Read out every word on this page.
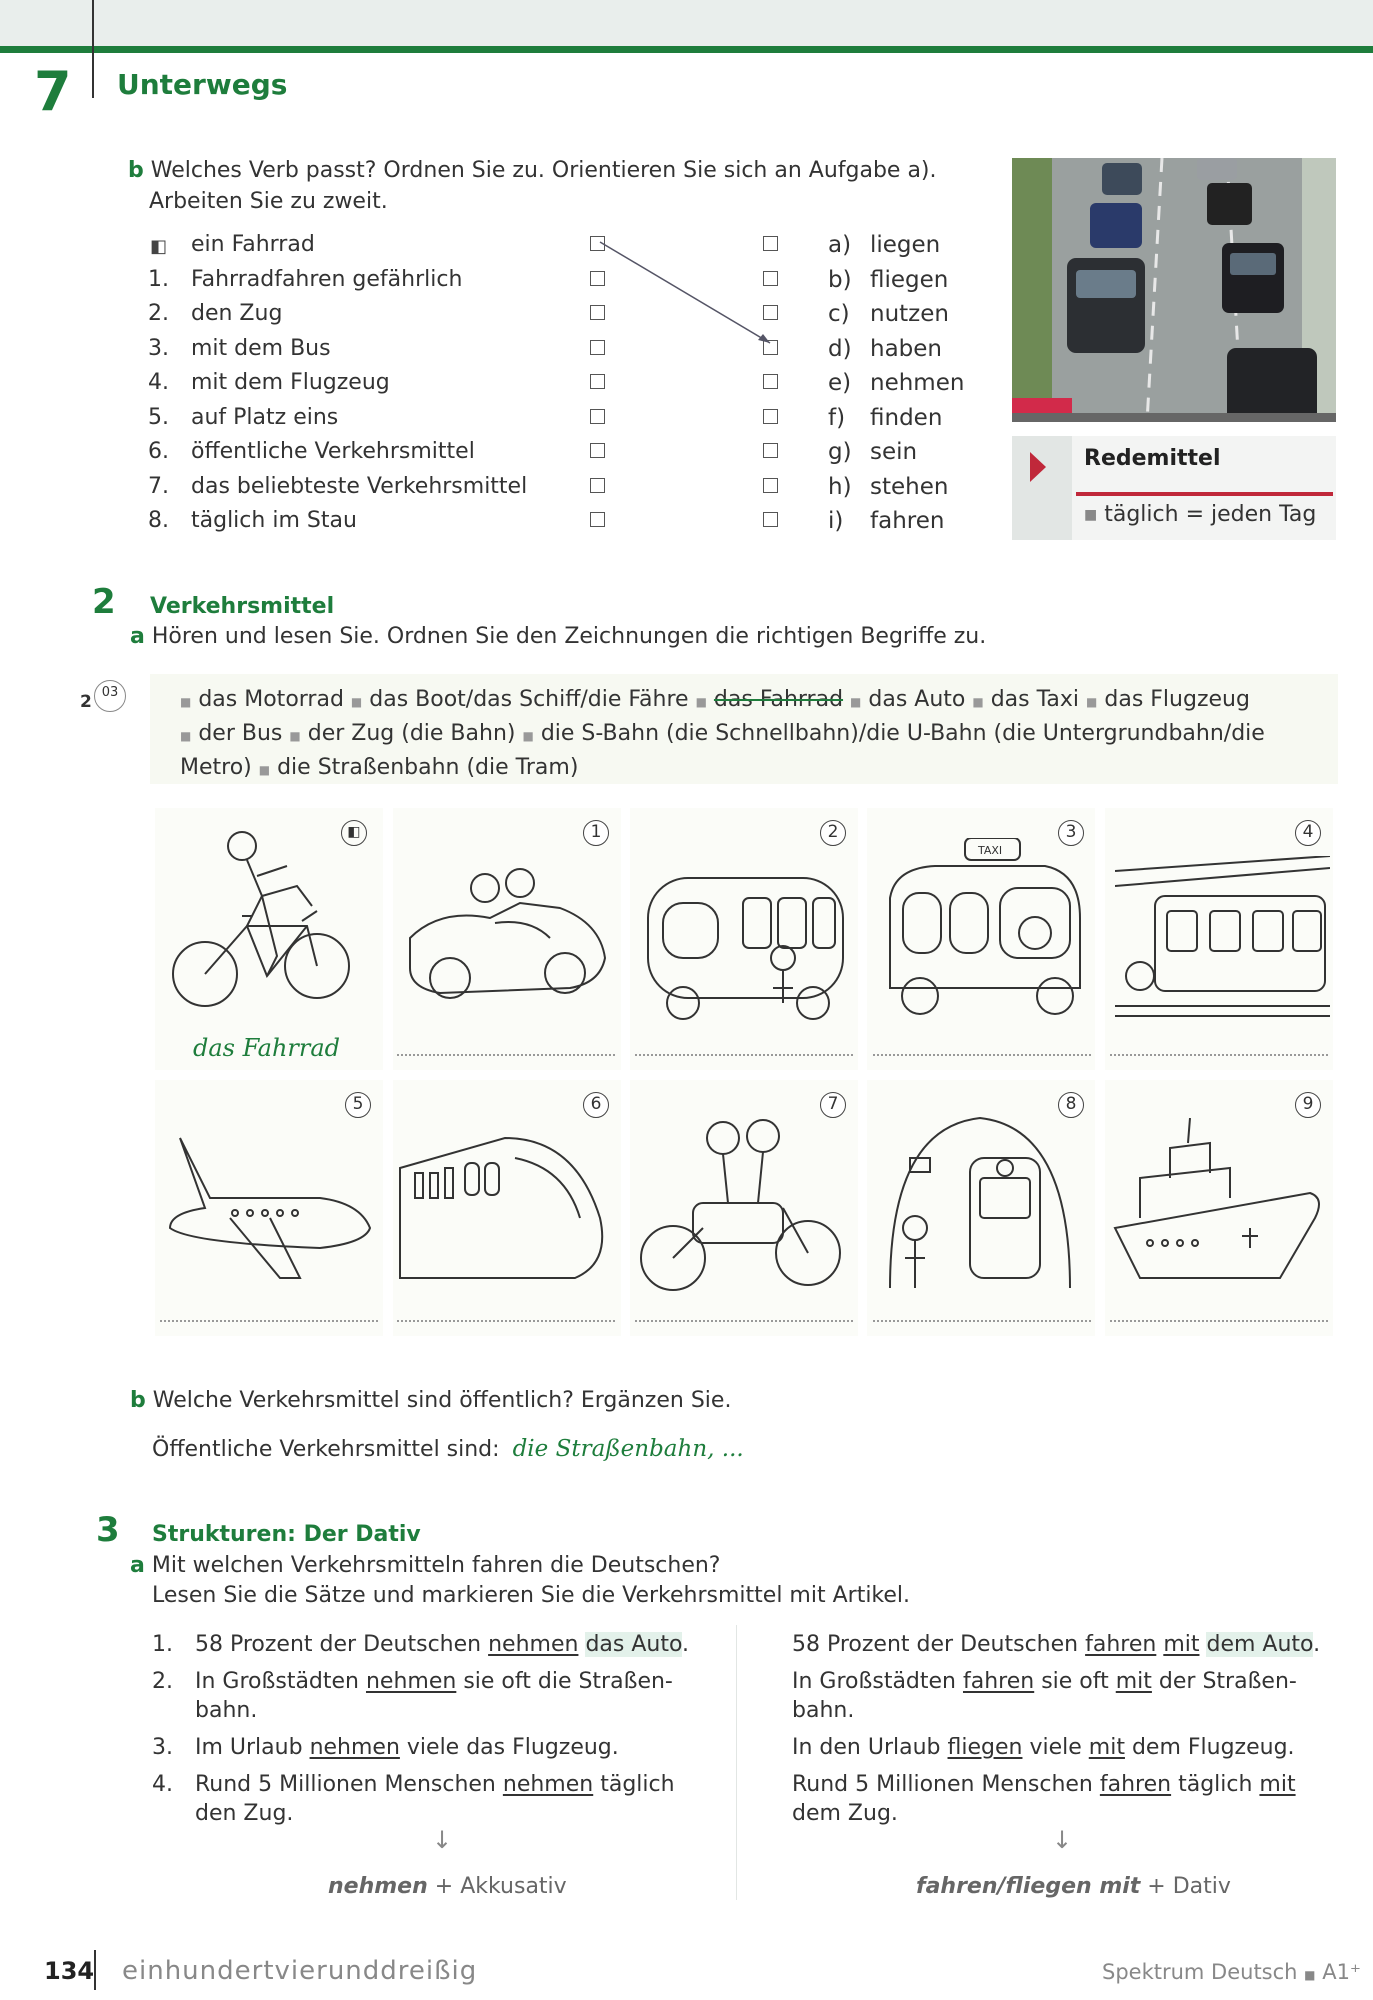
7 Unterwegs
b Welches Verb passt? Ordnen Sie zu. Orientieren Sie sich an Aufgabe a).
Arbeiten Sie zu zweit.
◧ ein Fahrrad
1. Fahrradfahren gefährlich
2. den Zug
3. mit dem Bus
4. mit dem Flugzeug
5. auf Platz eins
6. öffentliche Verkehrsmittel
7. das beliebteste Verkehrsmittel
8. täglich im Stau
a) liegen
b) fliegen
c) nutzen
d) haben
e) nehmen
f) finden
g) sein
h) stehen
i) fahren
Redemittel
■ täglich = jeden Tag
2 Verkehrsmittel
a Hören und lesen Sie. Ordnen Sie den Zeichnungen die richtigen Begriffe zu.
2 03
■ das Motorrad ■ das Boot/das Schiff/die Fähre ■ das Fahrrad ■ das Auto ■ das Taxi ■ das Flugzeug
■ der Bus ■ der Zug (die Bahn) ■ die S-Bahn (die Schnellbahn)/die U-Bahn (die Untergrundbahn/die
Metro) ■ die Straßenbahn (die Tram)
◧	1	2	3	4
5	6	7	8	9
TAXI
das Fahrrad
b Welche Verkehrsmittel sind öffentlich? Ergänzen Sie.
Öffentliche Verkehrsmittel sind: die Straßenbahn, ...
3 Strukturen: Der Dativ
a Mit welchen Verkehrsmitteln fahren die Deutschen?
Lesen Sie die Sätze und markieren Sie die Verkehrsmittel mit Artikel.
1. 58 Prozent der Deutschen nehmen das Auto.
2. In Großstädten nehmen sie oft die Straßen-
bahn.
3. Im Urlaub nehmen viele das Flugzeug.
4. Rund 5 Millionen Menschen nehmen täglich
den Zug.
58 Prozent der Deutschen fahren mit dem Auto.
In Großstädten fahren sie oft mit der Straßen-
bahn.
In den Urlaub fliegen viele mit dem Flugzeug.
Rund 5 Millionen Menschen fahren täglich mit
dem Zug.
↓	↓
nehmen + Akkusativ	fahren/fliegen mit + Dativ
134 einhundertvierunddreißig	Spektrum Deutsch ■ A1⁺
